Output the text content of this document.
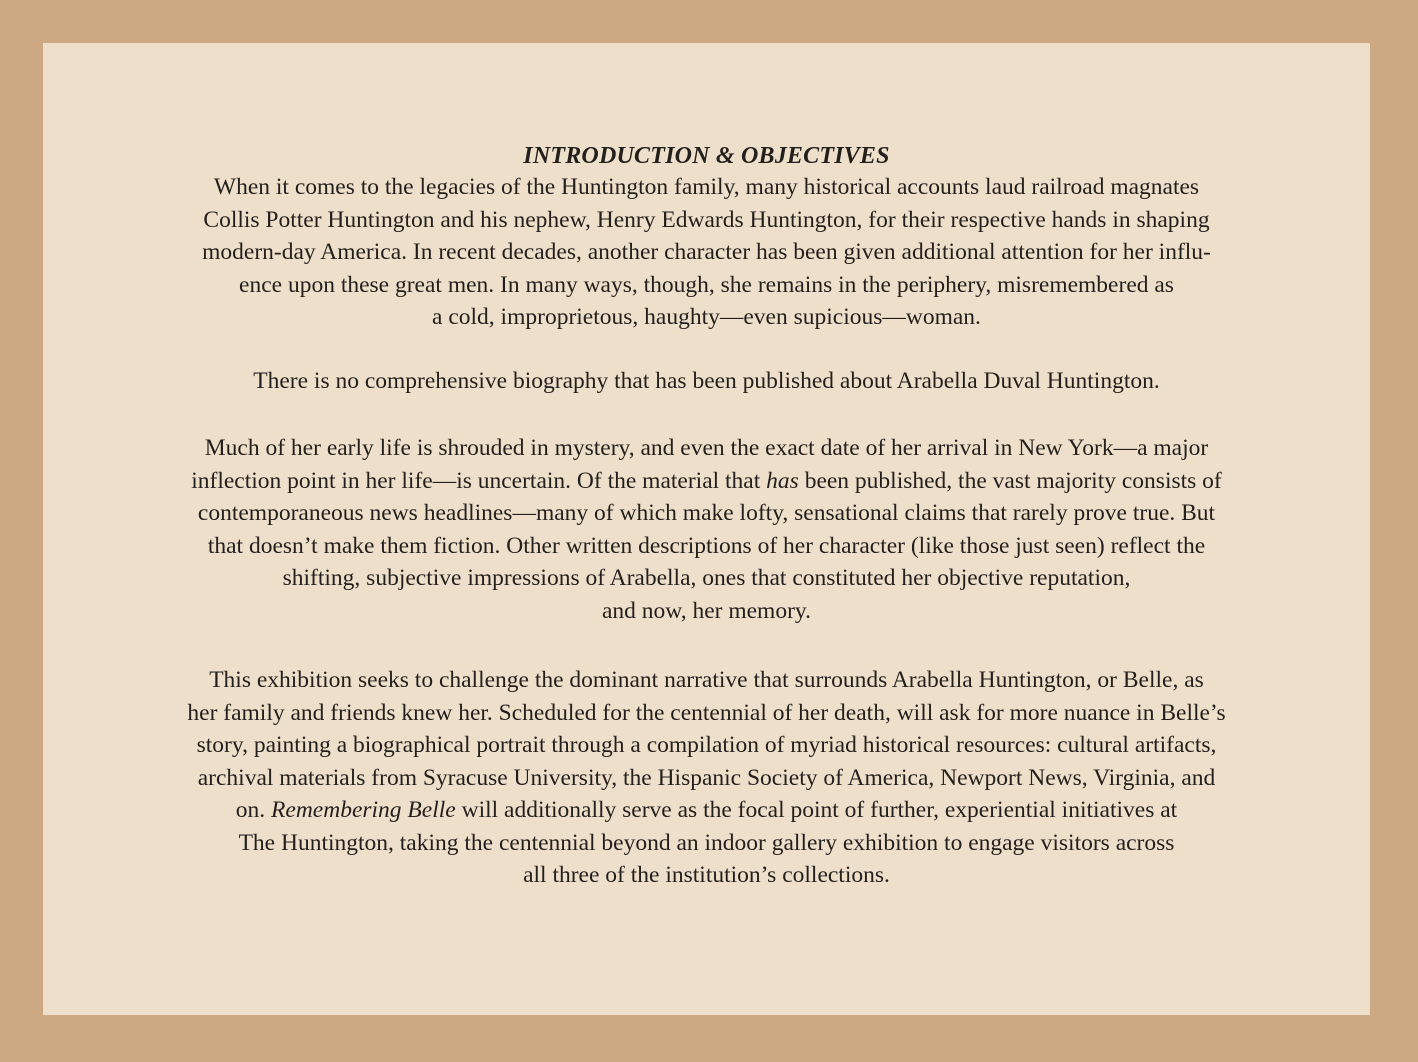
INTRODUCTION & OBJECTIVES

When it comes to the legacies of the Huntington family, many historical accounts laud railroad magnates
Collis Potter Huntington and his nephew, Henry Edwards Huntington, for their respective hands in shaping
modern-day America. In recent decades, another character has been given additional attention for her influ-
ence upon these great men. In many ways, though, she remains in the periphery, misremembered as
a cold, improprietous, haughty—even supicious—woman.

There is no comprehensive biography that has been published about Arabella Duval Huntington.

Much of her early life is shrouded in mystery, and even the exact date of her arrival in New York—a major
inflection point in her life—is uncertain. Of the material that has been published, the vast majority consists of
contemporaneous news headlines—many of which make lofty, sensational claims that rarely prove true. But
that doesn’t make them fiction. Other written descriptions of her character (like those just seen) reflect the
shifting, subjective impressions of Arabella, ones that constituted her objective reputation,
and now, her memory.

This exhibition seeks to challenge the dominant narrative that surrounds Arabella Huntington, or Belle, as
her family and friends knew her. Scheduled for the centennial of her death, will ask for more nuance in Belle’s
story, painting a biographical portrait through a compilation of myriad historical resources: cultural artifacts,
archival materials from Syracuse University, the Hispanic Society of America, Newport News, Virginia, and
on. Remembering Belle will additionally serve as the focal point of further, experiential initiatives at
The Huntington, taking the centennial beyond an indoor gallery exhibition to engage visitors across
all three of the institution’s collections.
